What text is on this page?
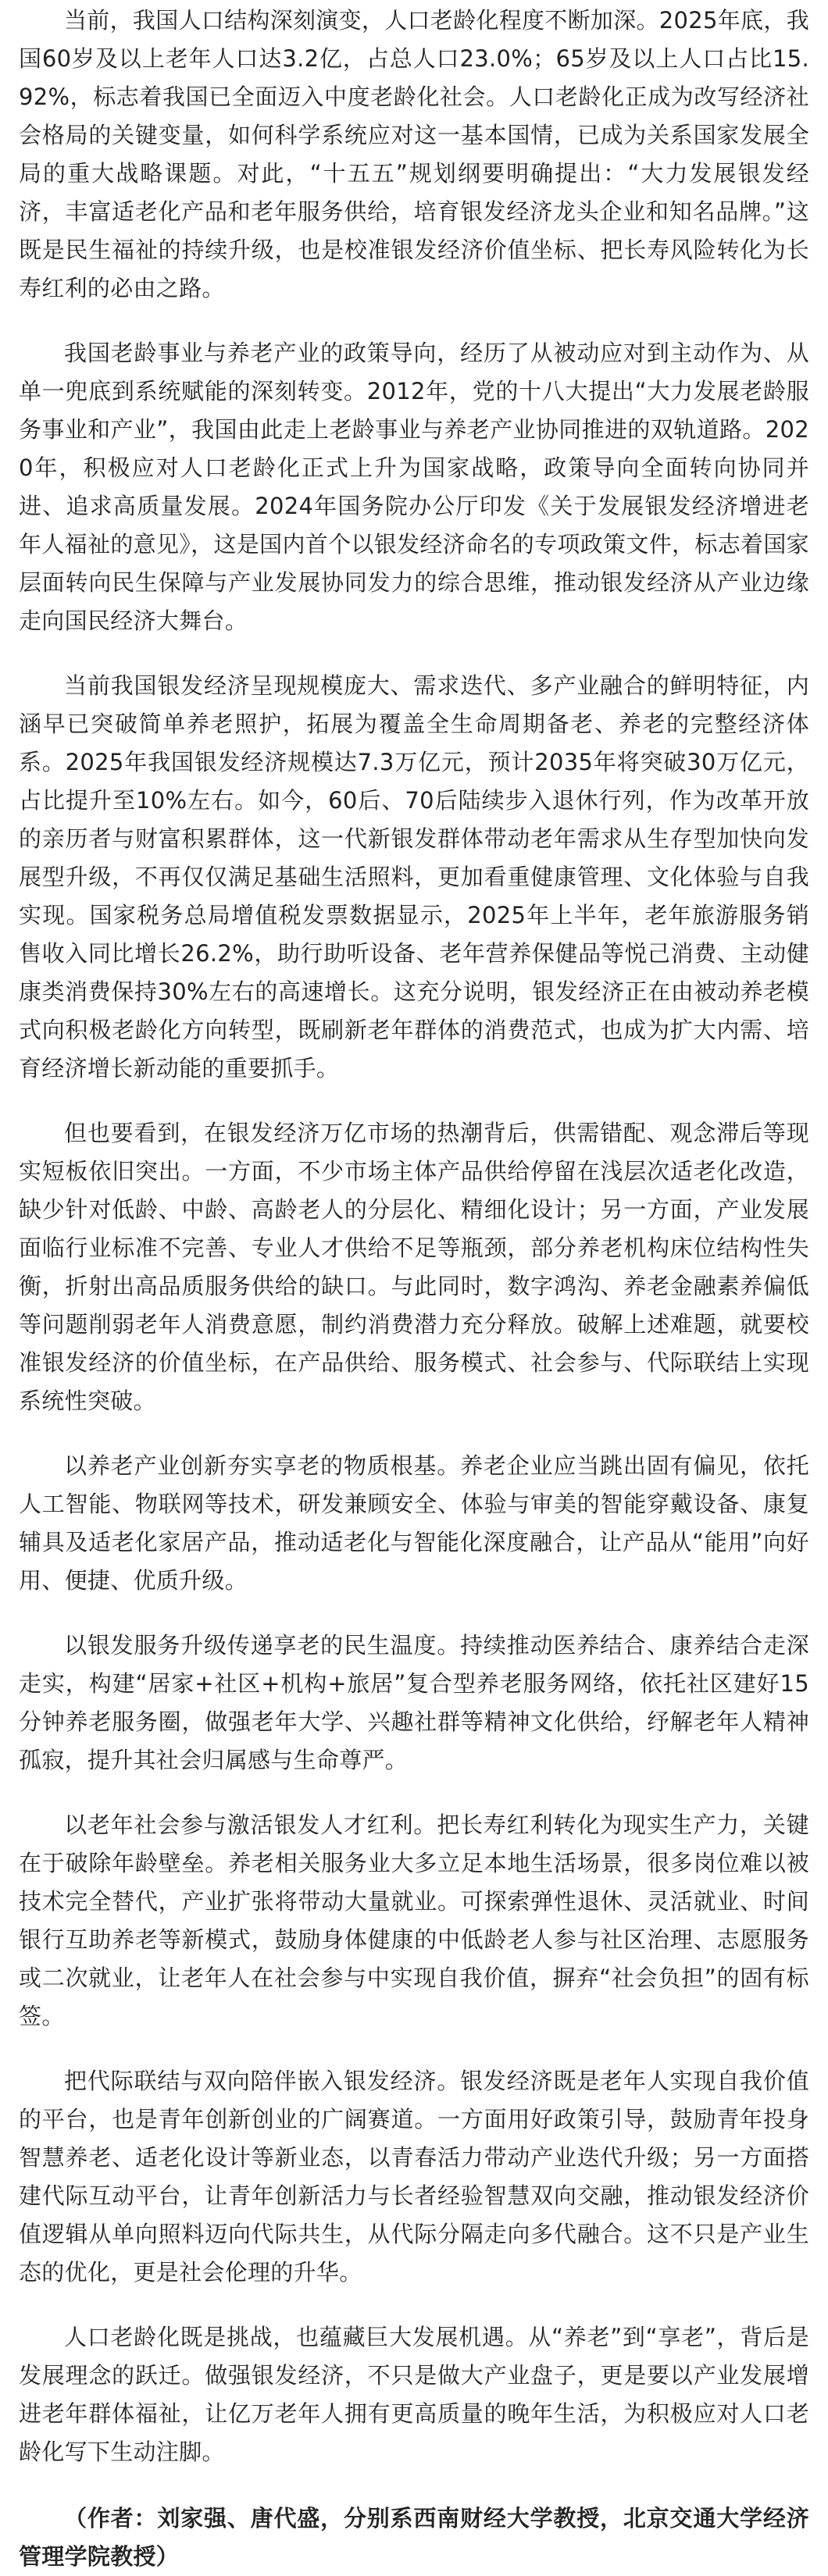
当前，我国人口结构深刻演变，人口老龄化程度不断加深。2025年底，我国60岁及以上老年人口达3.2亿，占总人口23.0%；65岁及以上人口占比15.92%，标志着我国已全面迈入中度老龄化社会。人口老龄化正成为改写经济社会格局的关键变量，如何科学系统应对这一基本国情，已成为关系国家发展全局的重大战略课题。对此，“十五五”规划纲要明确提出：“大力发展银发经济，丰富适老化产品和老年服务供给，培育银发经济龙头企业和知名品牌。”这既是民生福祉的持续升级，也是校准银发经济价值坐标、把长寿风险转化为长寿红利的必由之路。

我国老龄事业与养老产业的政策导向，经历了从被动应对到主动作为、从单一兜底到系统赋能的深刻转变。2012年，党的十八大提出“大力发展老龄服务事业和产业”，我国由此走上老龄事业与养老产业协同推进的双轨道路。2020年，积极应对人口老龄化正式上升为国家战略，政策导向全面转向协同并进、追求高质量发展。2024年国务院办公厅印发《关于发展银发经济增进老年人福祉的意见》，这是国内首个以银发经济命名的专项政策文件，标志着国家层面转向民生保障与产业发展协同发力的综合思维，推动银发经济从产业边缘走向国民经济大舞台。

当前我国银发经济呈现规模庞大、需求迭代、多产业融合的鲜明特征，内涵早已突破简单养老照护，拓展为覆盖全生命周期备老、养老的完整经济体系。2025年我国银发经济规模达7.3万亿元，预计2035年将突破30万亿元，占比提升至10%左右。如今，60后、70后陆续步入退休行列，作为改革开放的亲历者与财富积累群体，这一代新银发群体带动老年需求从生存型加快向发展型升级，不再仅仅满足基础生活照料，更加看重健康管理、文化体验与自我实现。国家税务总局增值税发票数据显示，2025年上半年，老年旅游服务销售收入同比增长26.2%，助行助听设备、老年营养保健品等悦己消费、主动健康类消费保持30%左右的高速增长。这充分说明，银发经济正在由被动养老模式向积极老龄化方向转型，既刷新老年群体的消费范式，也成为扩大内需、培育经济增长新动能的重要抓手。

但也要看到，在银发经济万亿市场的热潮背后，供需错配、观念滞后等现实短板依旧突出。一方面，不少市场主体产品供给停留在浅层次适老化改造，缺少针对低龄、中龄、高龄老人的分层化、精细化设计；另一方面，产业发展面临行业标准不完善、专业人才供给不足等瓶颈，部分养老机构床位结构性失衡，折射出高品质服务供给的缺口。与此同时，数字鸿沟、养老金融素养偏低等问题削弱老年人消费意愿，制约消费潜力充分释放。破解上述难题，就要校准银发经济的价值坐标，在产品供给、服务模式、社会参与、代际联结上实现系统性突破。

以养老产业创新夯实享老的物质根基。养老企业应当跳出固有偏见，依托人工智能、物联网等技术，研发兼顾安全、体验与审美的智能穿戴设备、康复辅具及适老化家居产品，推动适老化与智能化深度融合，让产品从“能用”向好用、便捷、优质升级。

以银发服务升级传递享老的民生温度。持续推动医养结合、康养结合走深走实，构建“居家+社区+机构+旅居”复合型养老服务网络，依托社区建好15分钟养老服务圈，做强老年大学、兴趣社群等精神文化供给，纾解老年人精神孤寂，提升其社会归属感与生命尊严。

以老年社会参与激活银发人才红利。把长寿红利转化为现实生产力，关键在于破除年龄壁垒。养老相关服务业大多立足本地生活场景，很多岗位难以被技术完全替代，产业扩张将带动大量就业。可探索弹性退休、灵活就业、时间银行互助养老等新模式，鼓励身体健康的中低龄老人参与社区治理、志愿服务或二次就业，让老年人在社会参与中实现自我价值，摒弃“社会负担”的固有标签。

把代际联结与双向陪伴嵌入银发经济。银发经济既是老年人实现自我价值的平台，也是青年创新创业的广阔赛道。一方面用好政策引导，鼓励青年投身智慧养老、适老化设计等新业态，以青春活力带动产业迭代升级；另一方面搭建代际互动平台，让青年创新活力与长者经验智慧双向交融，推动银发经济价值逻辑从单向照料迈向代际共生，从代际分隔走向多代融合。这不只是产业生态的优化，更是社会伦理的升华。

人口老龄化既是挑战，也蕴藏巨大发展机遇。从“养老”到“享老”，背后是发展理念的跃迁。做强银发经济，不只是做大产业盘子，更是要以产业发展增进老年群体福祉，让亿万老年人拥有更高质量的晚年生活，为积极应对人口老龄化写下生动注脚。

（作者：刘家强、唐代盛，分别系西南财经大学教授，北京交通大学经济管理学院教授）
